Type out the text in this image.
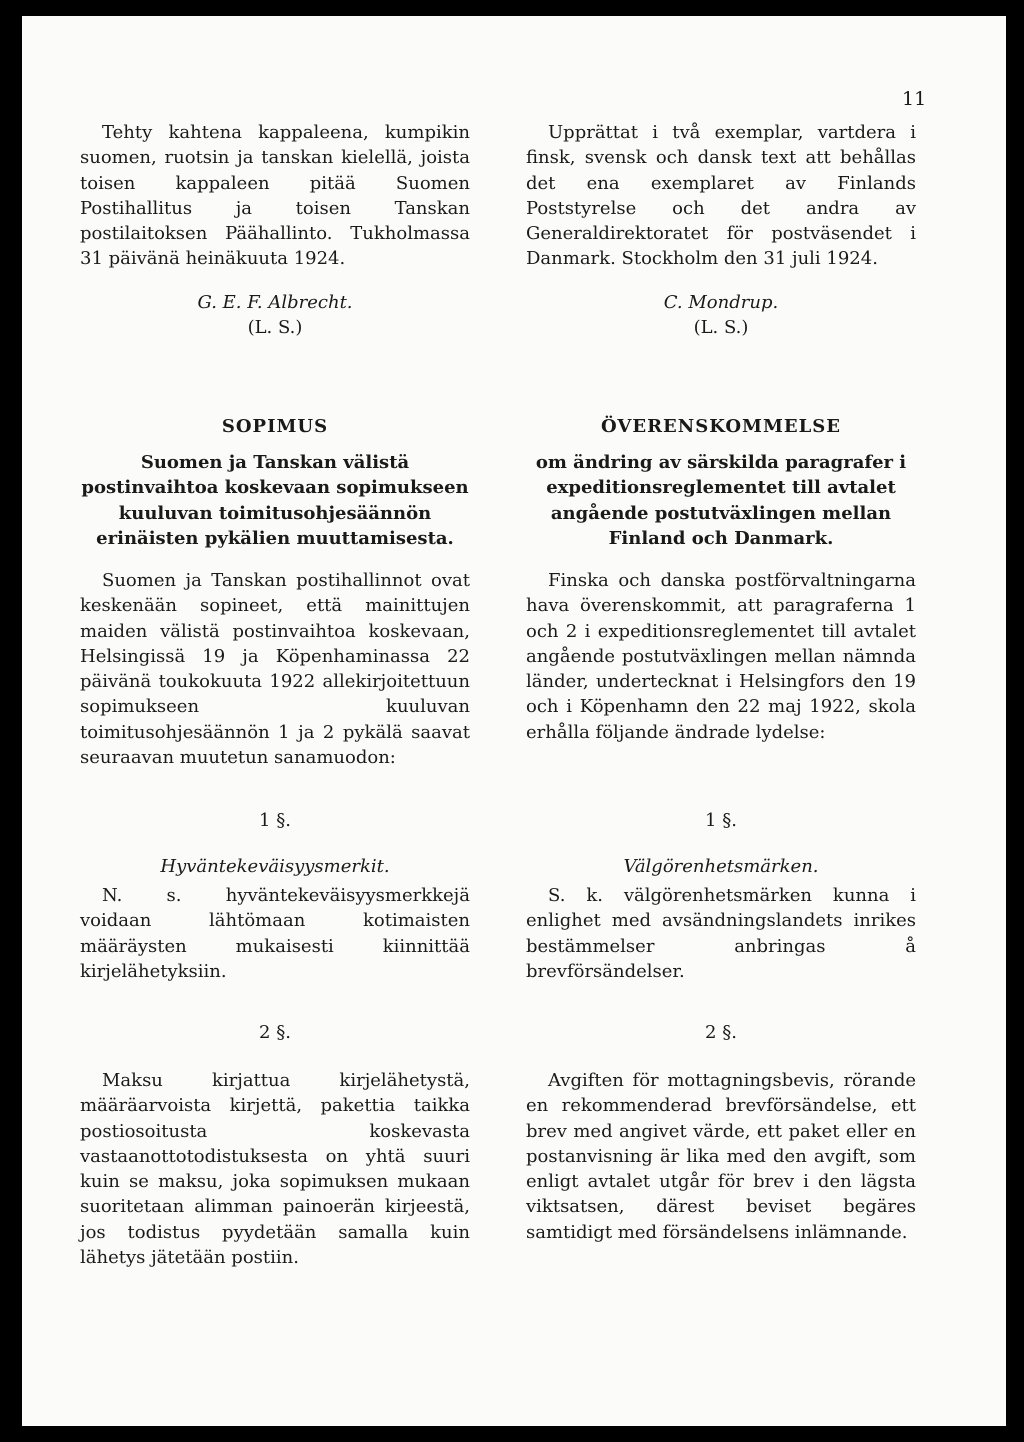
11

Tehty kahtena kappaleena, kumpikin suomen, ruotsin ja tanskan kielellä, joista toisen kappaleen pitää Suomen Postihallitus ja toisen Tanskan postilaitoksen Päähallinto. Tukholmassa 31 päivänä heinäkuuta 1924.

G. E. F. Albrecht.

(L. S.)

SOPIMUS

Suomen ja Tanskan välistä postinvaihtoa koskevaan sopimukseen kuuluvan toimitusohjesäännön erinäisten pykälien muuttamisesta.

Suomen ja Tanskan postihallinnot ovat keskenään sopineet, että mainittujen maiden välistä postinvaihtoa koskevaan, Helsingissä 19 ja Köpenhaminassa 22 päivänä toukokuuta 1922 allekirjoitettuun sopimukseen kuuluvan toimitusohjesäännön 1 ja 2 pykälä saavat seuraavan muutetun sanamuodon:

1 §.

Hyväntekeväisyysmerkit.

N. s. hyväntekeväisyysmerkkejä voidaan lähtömaan kotimaisten määräysten mukaisesti kiinnittää kirjelähetyksiin.

2 §.

Maksu kirjattua kirjelähetystä, määräarvoista kirjettä, pakettia taikka postiosoitusta koskevasta vastaanottotodistuksesta on yhtä suuri kuin se maksu, joka sopimuksen mukaan suoritetaan alimman painoerän kirjeestä, jos todistus pyydetään samalla kuin lähetys jätetään postiin.

Upprättat i två exemplar, vartdera i finsk, svensk och dansk text att behållas det ena exemplaret av Finlands Poststyrelse och det andra av Generaldirektoratet för postväsendet i Danmark. Stockholm den 31 juli 1924.

C. Mondrup.

(L. S.)

ÖVERENSKOMMELSE

om ändring av särskilda paragrafer i expeditionsreglementet till avtalet angående postutväxlingen mellan Finland och Danmark.

Finska och danska postförvaltningarna hava överenskommit, att paragraferna 1 och 2 i expeditionsreglementet till avtalet angående postutväxlingen mellan nämnda länder, undertecknat i Helsingfors den 19 och i Köpenhamn den 22 maj 1922, skola erhålla följande ändrade lydelse:

1 §.

Välgörenhetsmärken.

S. k. välgörenhetsmärken kunna i enlighet med avsändningslandets inrikes bestämmelser anbringas å brevförsändelser.

2 §.

Avgiften för mottagningsbevis, rörande en rekommenderad brevförsändelse, ett brev med angivet värde, ett paket eller en postanvisning är lika med den avgift, som enligt avtalet utgår för brev i den lägsta viktsatsen, därest beviset begäres samtidigt med försändelsens inlämnande.
